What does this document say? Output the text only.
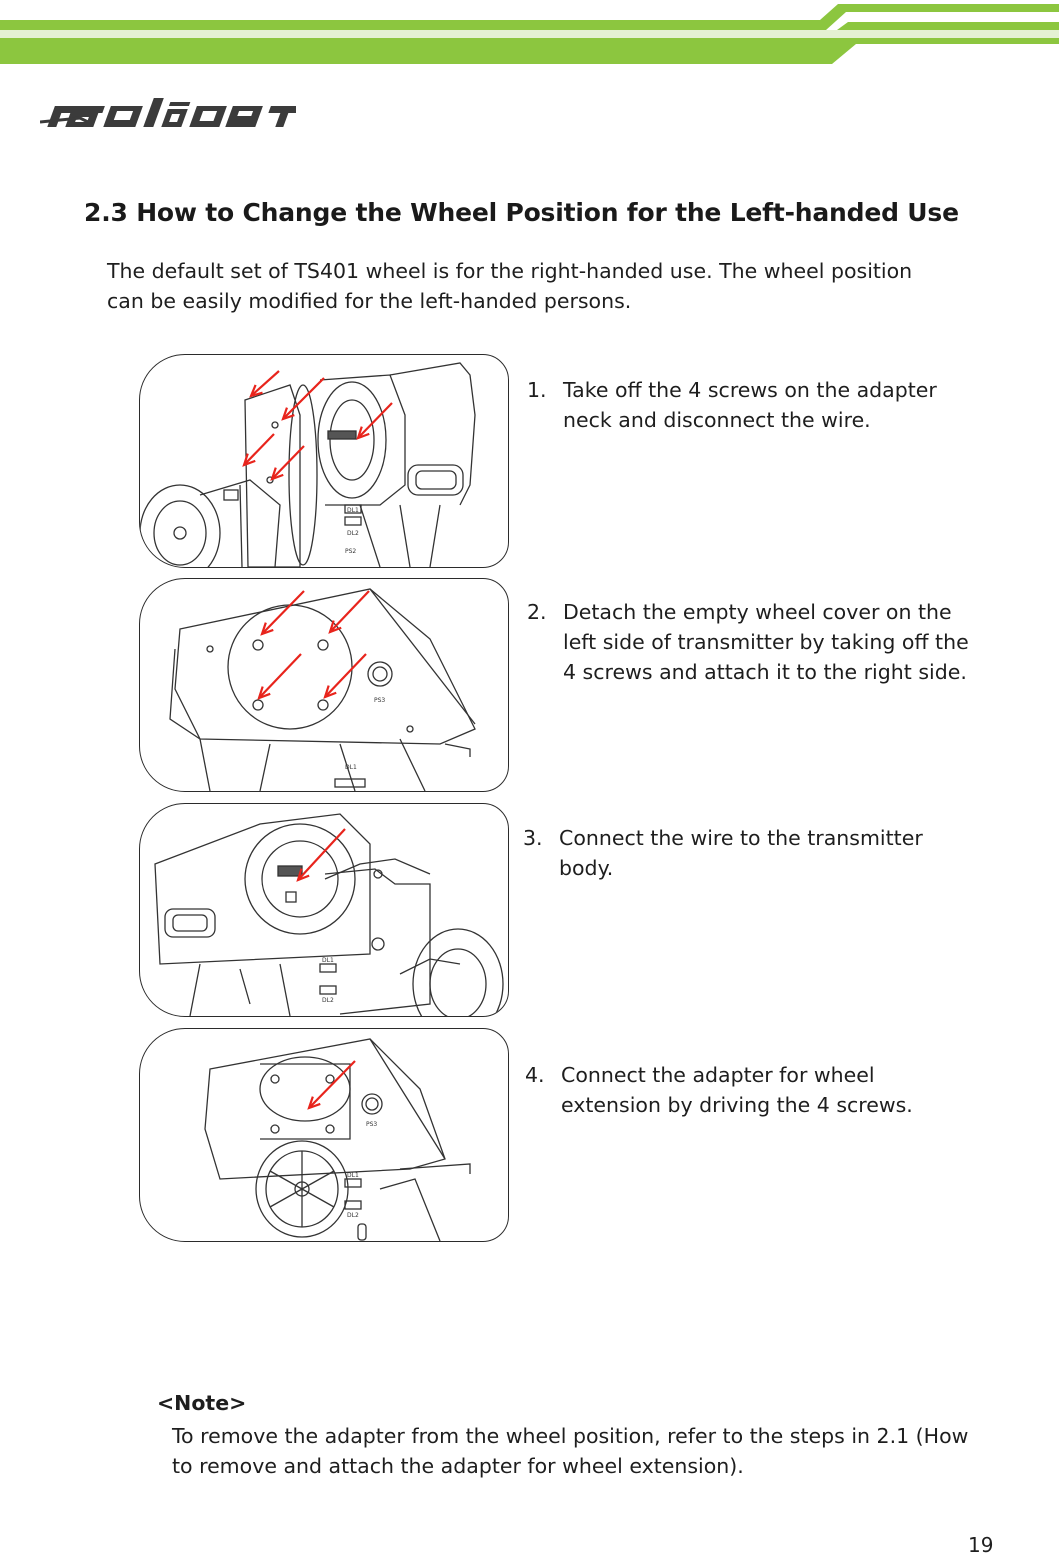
2.3 How to Change the Wheel Position for the Left-handed Use
The default set of TS401 wheel is for the right-handed use. The wheel position can be easily modified for the left-handed persons.
DL1
DL2
PS2
PS3
DL1
DL1
DL2
PS3
DL1
DL2
1. Take off the 4 screws on the adapter neck and disconnect the wire.
2. Detach the empty wheel cover on the left side of transmitter by taking off the 4 screws and attach it to the right side.
3. Connect the wire to the transmitter body.
4. Connect the adapter for wheel extension by driving the 4 screws.
<Note>
To remove the adapter from the wheel position, refer to the steps in 2.1 (How to remove and attach the adapter for wheel extension).
19
